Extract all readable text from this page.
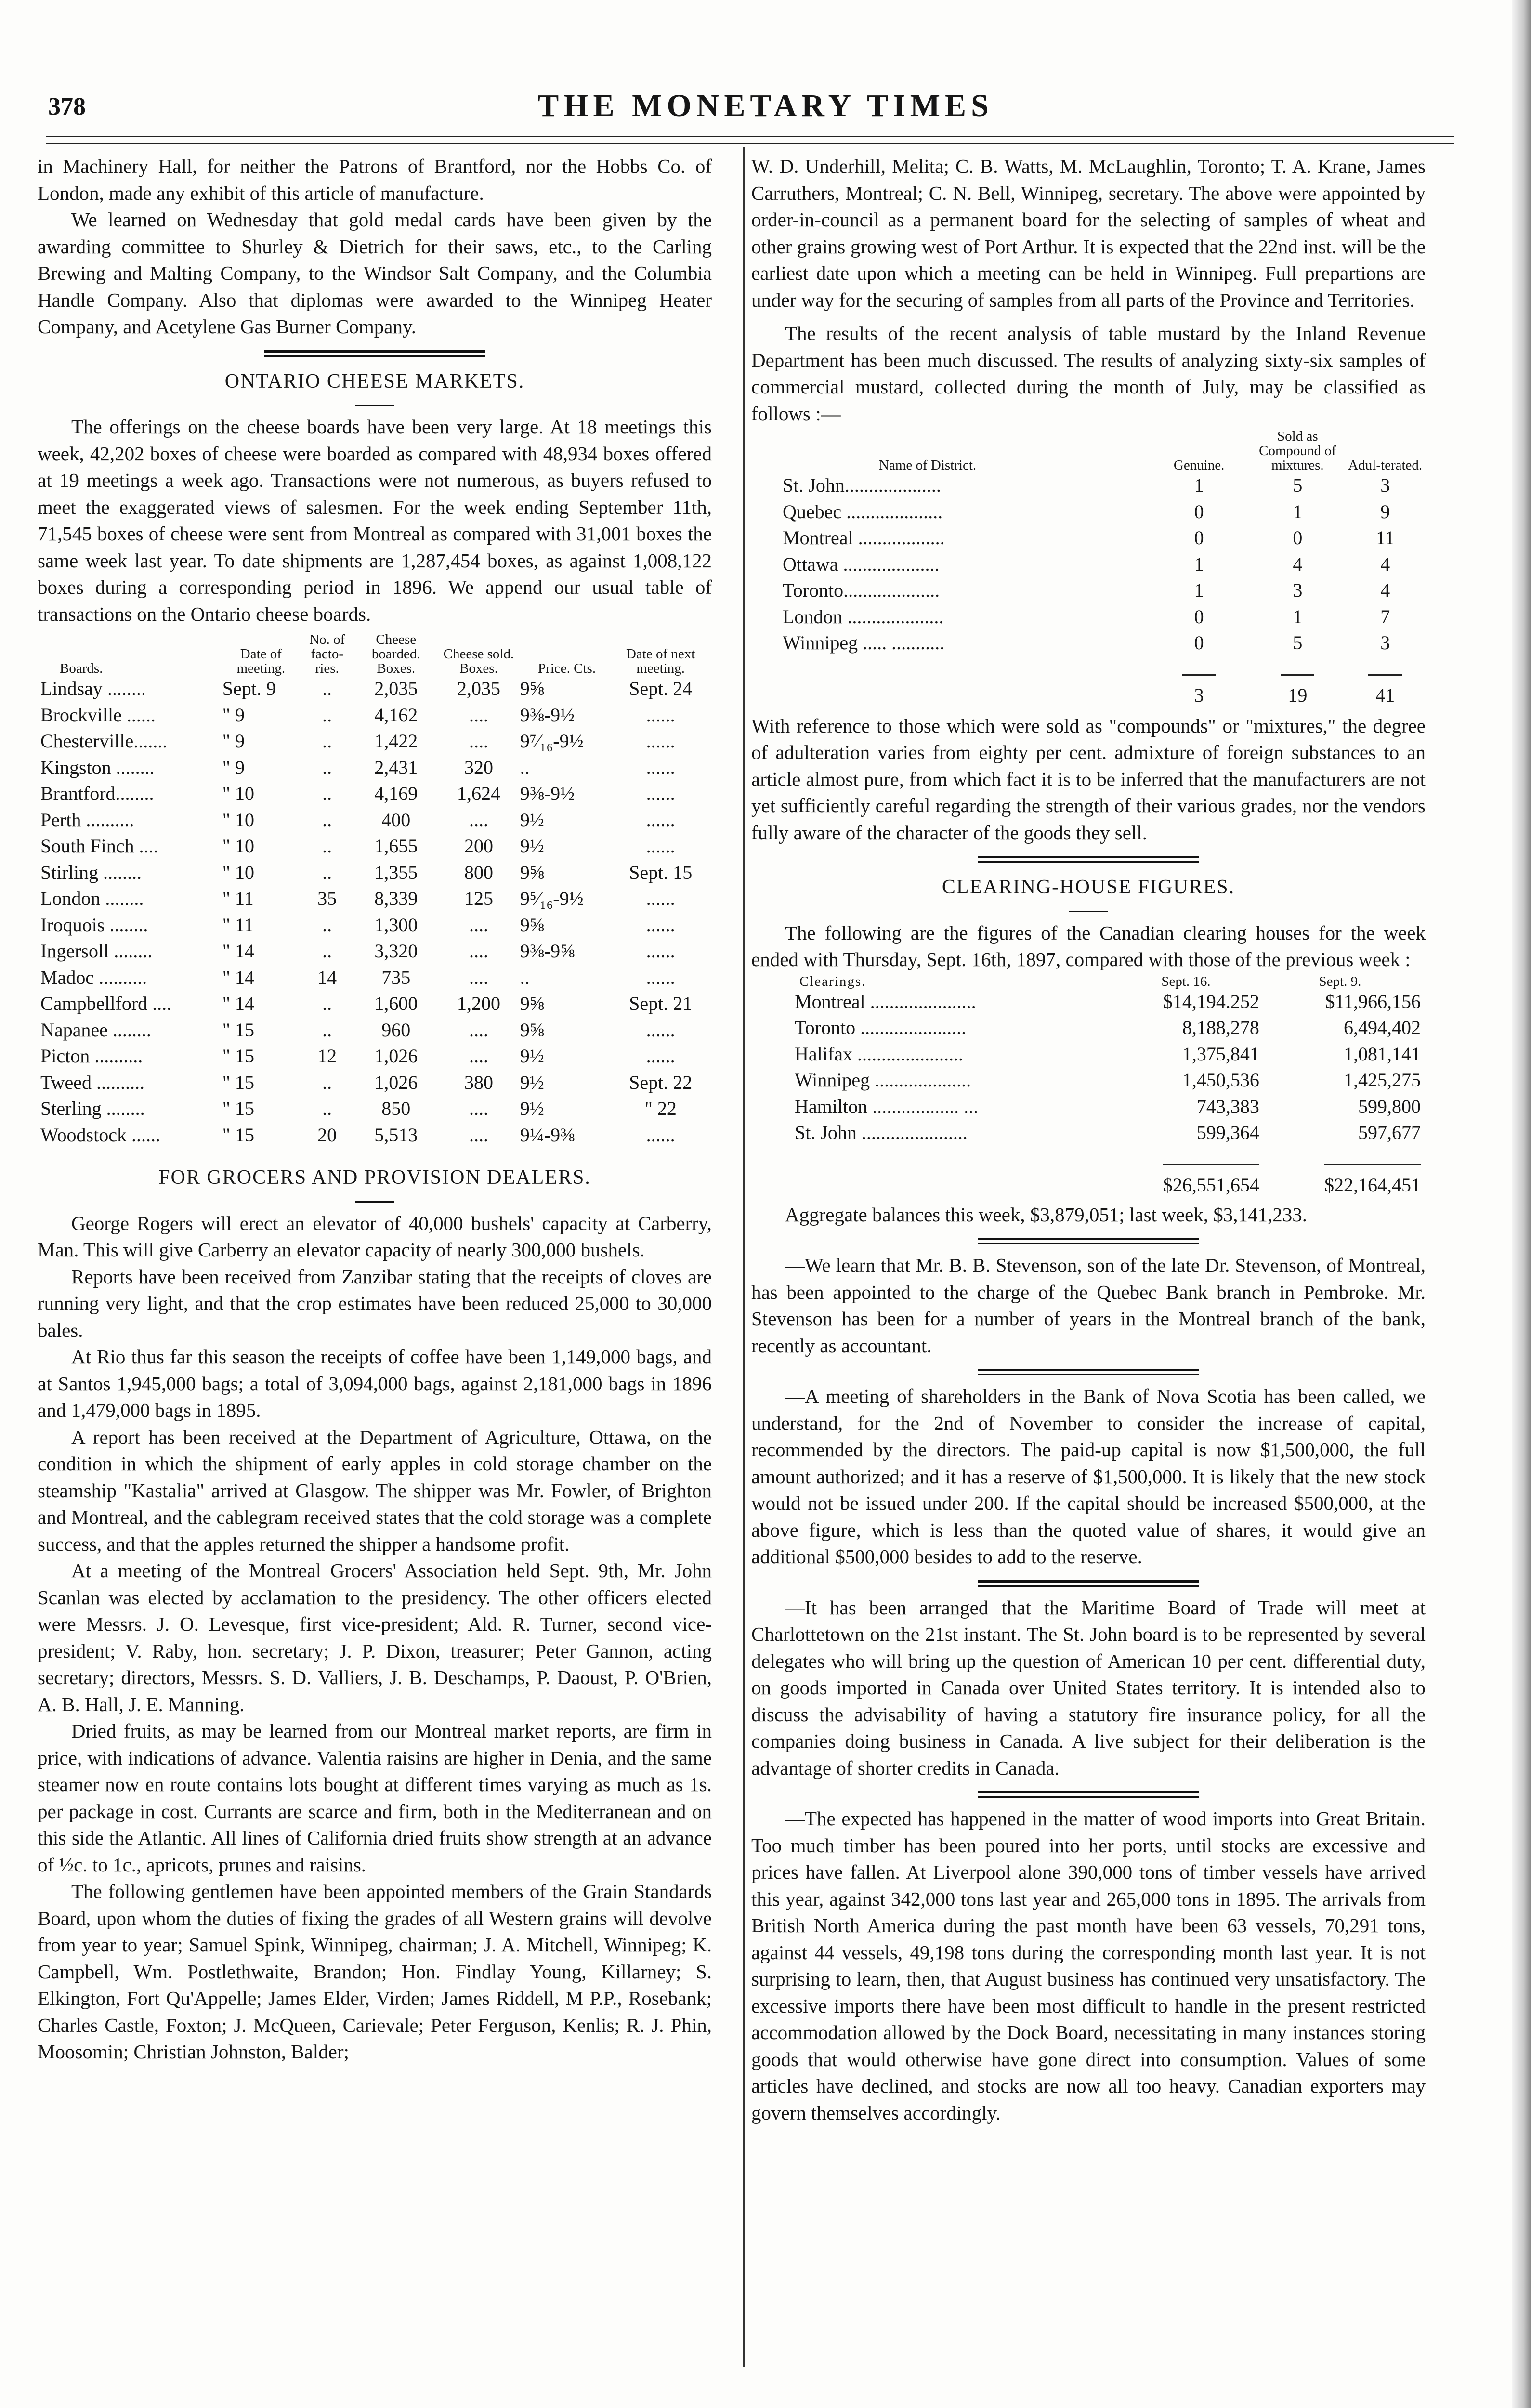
378	THE MONETARY TIMES

in Machinery Hall, for neither the Patrons of Brantford, nor the Hobbs Co. of London, made any exhibit of this article of manufacture.

We learned on Wednesday that gold medal cards have been given by the awarding committee to Shurley & Dietrich for their saws, etc., to the Carling Brewing and Malting Company, to the Windsor Salt Company, and the Columbia Handle Company. Also that diplomas were awarded to the Winnipeg Heater Company, and Acetylene Gas Burner Company.

ONTARIO CHEESE MARKETS.

The offerings on the cheese boards have been very large. At 18 meetings this week, 42,202 boxes of cheese were boarded as compared with 48,934 boxes offered at 19 meetings a week ago. Transactions were not numerous, as buyers refused to meet the exaggerated views of salesmen. For the week ending September 11th, 71,545 boxes of cheese were sent from Montreal as compared with 31,001 boxes the same week last year. To date shipments are 1,287,454 boxes, as against 1,008,122 boxes during a corresponding period in 1896. We append our usual table of transactions on the Ontario cheese boards.

Boards.	Date of meeting.	No. of facto-ries.	Cheese boarded. Boxes.	Cheese sold. Boxes.	Price. Cts.	Date of next meeting.
Lindsay ........	Sept. 9	..	2,035	2,035	9⅝	Sept. 24
Brockville ......	" 9	..	4,162	....	9⅜-9½	......
Chesterville.......	" 9	..	1,422	....	9⁷⁄₁₆-9½	......
Kingston ........	" 9	..	2,431	320	..	......
Brantford........	" 10	..	4,169	1,624	9⅜-9½	......
Perth ..........	" 10	..	400	....	9½	......
South Finch ....	" 10	..	1,655	200	9½	......
Stirling ........	" 10	..	1,355	800	9⅝	Sept. 15
London ........	" 11	35	8,339	125	9⁵⁄₁₆-9½	......
Iroquois ........	" 11	..	1,300	....	9⅝	......
Ingersoll ........	" 14	..	3,320	....	9⅜-9⅝	......
Madoc ..........	" 14	14	735	....	..	......
Campbellford ....	" 14	..	1,600	1,200	9⅝	Sept. 21
Napanee ........	" 15	..	960	....	9⅝	......
Picton ..........	" 15	12	1,026	....	9½	......
Tweed ..........	" 15	..	1,026	380	9½	Sept. 22
Sterling ........	" 15	..	850	....	9½	" 22
Woodstock ......	" 15	20	5,513	....	9¼-9⅜	......
FOR GROCERS AND PROVISION DEALERS.

George Rogers will erect an elevator of 40,000 bushels' capacity at Carberry, Man. This will give Carberry an elevator capacity of nearly 300,000 bushels.

Reports have been received from Zanzibar stating that the receipts of cloves are running very light, and that the crop estimates have been reduced 25,000 to 30,000 bales.

At Rio thus far this season the receipts of coffee have been 1,149,000 bags, and at Santos 1,945,000 bags; a total of 3,094,000 bags, against 2,181,000 bags in 1896 and 1,479,000 bags in 1895.

A report has been received at the Department of Agriculture, Ottawa, on the condition in which the shipment of early apples in cold storage chamber on the steamship "Kastalia" arrived at Glasgow. The shipper was Mr. Fowler, of Brighton and Montreal, and the cablegram received states that the cold storage was a complete success, and that the apples returned the shipper a handsome profit.

At a meeting of the Montreal Grocers' Association held Sept. 9th, Mr. John Scanlan was elected by acclamation to the presidency. The other officers elected were Messrs. J. O. Levesque, first vice-president; Ald. R. Turner, second vice-president; V. Raby, hon. secretary; J. P. Dixon, treasurer; Peter Gannon, acting secretary; directors, Messrs. S. D. Valliers, J. B. Deschamps, P. Daoust, P. O'Brien, A. B. Hall, J. E. Manning.

Dried fruits, as may be learned from our Montreal market reports, are firm in price, with indications of advance. Valentia raisins are higher in Denia, and the same steamer now en route contains lots bought at different times varying as much as 1s. per package in cost. Currants are scarce and firm, both in the Mediterranean and on this side the Atlantic. All lines of California dried fruits show strength at an advance of ½c. to 1c., apricots, prunes and raisins.

The following gentlemen have been appointed members of the Grain Standards Board, upon whom the duties of fixing the grades of all Western grains will devolve from year to year; Samuel Spink, Winnipeg, chairman; J. A. Mitchell, Winnipeg; K. Campbell, Wm. Postlethwaite, Brandon; Hon. Findlay Young, Killarney; S. Elkington, Fort Qu'Appelle; James Elder, Virden; James Riddell, M P.P., Rosebank; Charles Castle, Foxton; J. McQueen, Carievale; Peter Ferguson, Kenlis; R. J. Phin, Moosomin; Christian Johnston, Balder;

W. D. Underhill, Melita; C. B. Watts, M. McLaughlin, Toronto; T. A. Krane, James Carruthers, Montreal; C. N. Bell, Winnipeg, secretary. The above were appointed by order-in-council as a permanent board for the selecting of samples of wheat and other grains growing west of Port Arthur. It is expected that the 22nd inst. will be the earliest date upon which a meeting can be held in Winnipeg. Full prepartions are under way for the securing of samples from all parts of the Province and Territories.

The results of the recent analysis of table mustard by the Inland Revenue Department has been much discussed. The results of analyzing sixty-six samples of commercial mustard, collected during the month of July, may be classified as follows :—

Name of District.	Genuine.	Sold as Compound of mixtures.	Adul-terated.
St. John....................	1	5	3
Quebec ....................	0	1	9
Montreal ..................	0	0	11
Ottawa ....................	1	4	4
Toronto....................	1	3	4
London ....................	0	1	7
Winnipeg ..... ...........	0	5	3

	3	19	41

With reference to those which were sold as "compounds" or "mixtures," the degree of adulteration varies from eighty per cent. admixture of foreign substances to an article almost pure, from which fact it is to be inferred that the manufacturers are not yet sufficiently careful regarding the strength of their various grades, nor the vendors fully aware of the character of the goods they sell.

CLEARING-HOUSE FIGURES.

The following are the figures of the Canadian clearing houses for the week ended with Thursday, Sept. 16th, 1897, compared with those of the previous week :

Clearings.	Sept. 16.	Sept. 9.
Montreal ......................	$14,194.252	$11,966,156
Toronto ......................	8,188,278	6,494,402
Halifax ......................	1,375,841	1,081,141
Winnipeg ....................	1,450,536	1,425,275
Hamilton .................. ...	743,383	599,800
St. John ......................	599,364	597,677

	$26,551,654	$22,164,451

Aggregate balances this week, $3,879,051; last week, $3,141,233.

—We learn that Mr. B. B. Stevenson, son of the late Dr. Stevenson, of Montreal, has been appointed to the charge of the Quebec Bank branch in Pembroke. Mr. Stevenson has been for a number of years in the Montreal branch of the bank, recently as accountant.

—A meeting of shareholders in the Bank of Nova Scotia has been called, we understand, for the 2nd of November to consider the increase of capital, recommended by the directors. The paid-up capital is now $1,500,000, the full amount authorized; and it has a reserve of $1,500,000. It is likely that the new stock would not be issued under 200. If the capital should be increased $500,000, at the above figure, which is less than the quoted value of shares, it would give an additional $500,000 besides to add to the reserve.

—It has been arranged that the Maritime Board of Trade will meet at Charlottetown on the 21st instant. The St. John board is to be represented by several delegates who will bring up the question of American 10 per cent. differential duty, on goods imported in Canada over United States territory. It is intended also to discuss the advisability of having a statutory fire insurance policy, for all the companies doing business in Canada. A live subject for their deliberation is the advantage of shorter credits in Canada.

—The expected has happened in the matter of wood imports into Great Britain. Too much timber has been poured into her ports, until stocks are excessive and prices have fallen. At Liverpool alone 390,000 tons of timber vessels have arrived this year, against 342,000 tons last year and 265,000 tons in 1895. The arrivals from British North America during the past month have been 63 vessels, 70,291 tons, against 44 vessels, 49,198 tons during the corresponding month last year. It is not surprising to learn, then, that August business has continued very unsatisfactory. The excessive imports there have been most difficult to handle in the present restricted accommodation allowed by the Dock Board, necessitating in many instances storing goods that would otherwise have gone direct into consumption. Values of some articles have declined, and stocks are now all too heavy. Canadian exporters may govern themselves accordingly.
